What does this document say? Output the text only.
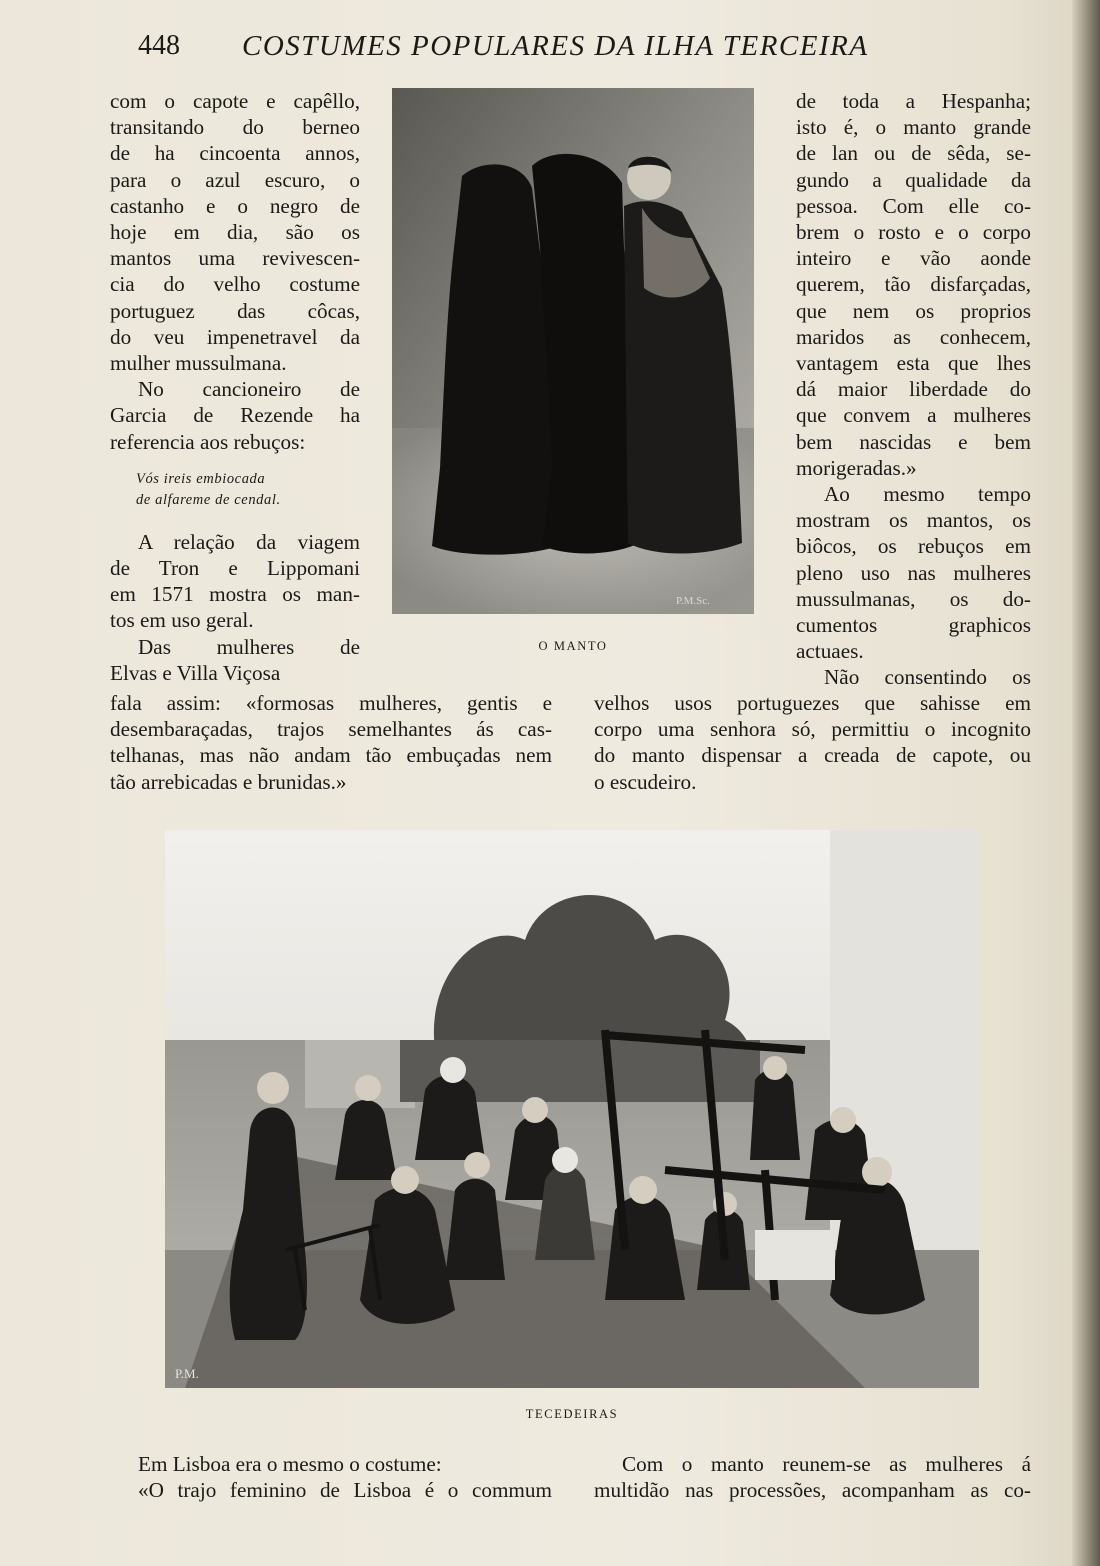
448 COSTUMES POPULARES DA ILHA TERCEIRA
com o capote e capêllo,
transitando do berneo
de ha cincoenta annos,
para o azul escuro, o
castanho e o negro de
hoje em dia, são os
mantos uma revivescen-
cia do velho costume
portuguez das côcas,
do veu impenetravel da
mulher mussulmana.
No cancioneiro de
Garcia de Rezende ha
referencia aos rebuços:
Vós ireis embiocada
de alfareme de cendal.
A relação da viagem
de Tron e Lippomani
em 1571 mostra os man-
tos em uso geral.
Das mulheres de
Elvas e Villa Viçosa
P.M.Sc.
O MANTO
de toda a Hespanha;
isto é, o manto grande
de lan ou de sêda, se-
gundo a qualidade da
pessoa. Com elle co-
brem o rosto e o corpo
inteiro e vão aonde
querem, tão disfarçadas,
que nem os proprios
maridos as conhecem,
vantagem esta que lhes
dá maior liberdade do
que convem a mulheres
bem nascidas e bem
morigeradas.»
Ao mesmo tempo
mostram os mantos, os
biôcos, os rebuços em
pleno uso nas mulheres
mussulmanas, os do-
cumentos graphicos
actuaes.
Não consentindo os
fala assim: «formosas mulheres, gentis e
desembaraçadas, trajos semelhantes ás cas-
telhanas, mas não andam tão embuçadas nem
tão arrebicadas e brunidas.»
velhos usos portuguezes que sahisse em
corpo uma senhora só, permittiu o incognito
do manto dispensar a creada de capote, ou
o escudeiro.
P.M.
TECEDEIRAS
Em Lisboa era o mesmo o costume:
«O trajo feminino de Lisboa é o commum
Com o manto reunem-se as mulheres á
multidão nas processões, acompanham as co-
